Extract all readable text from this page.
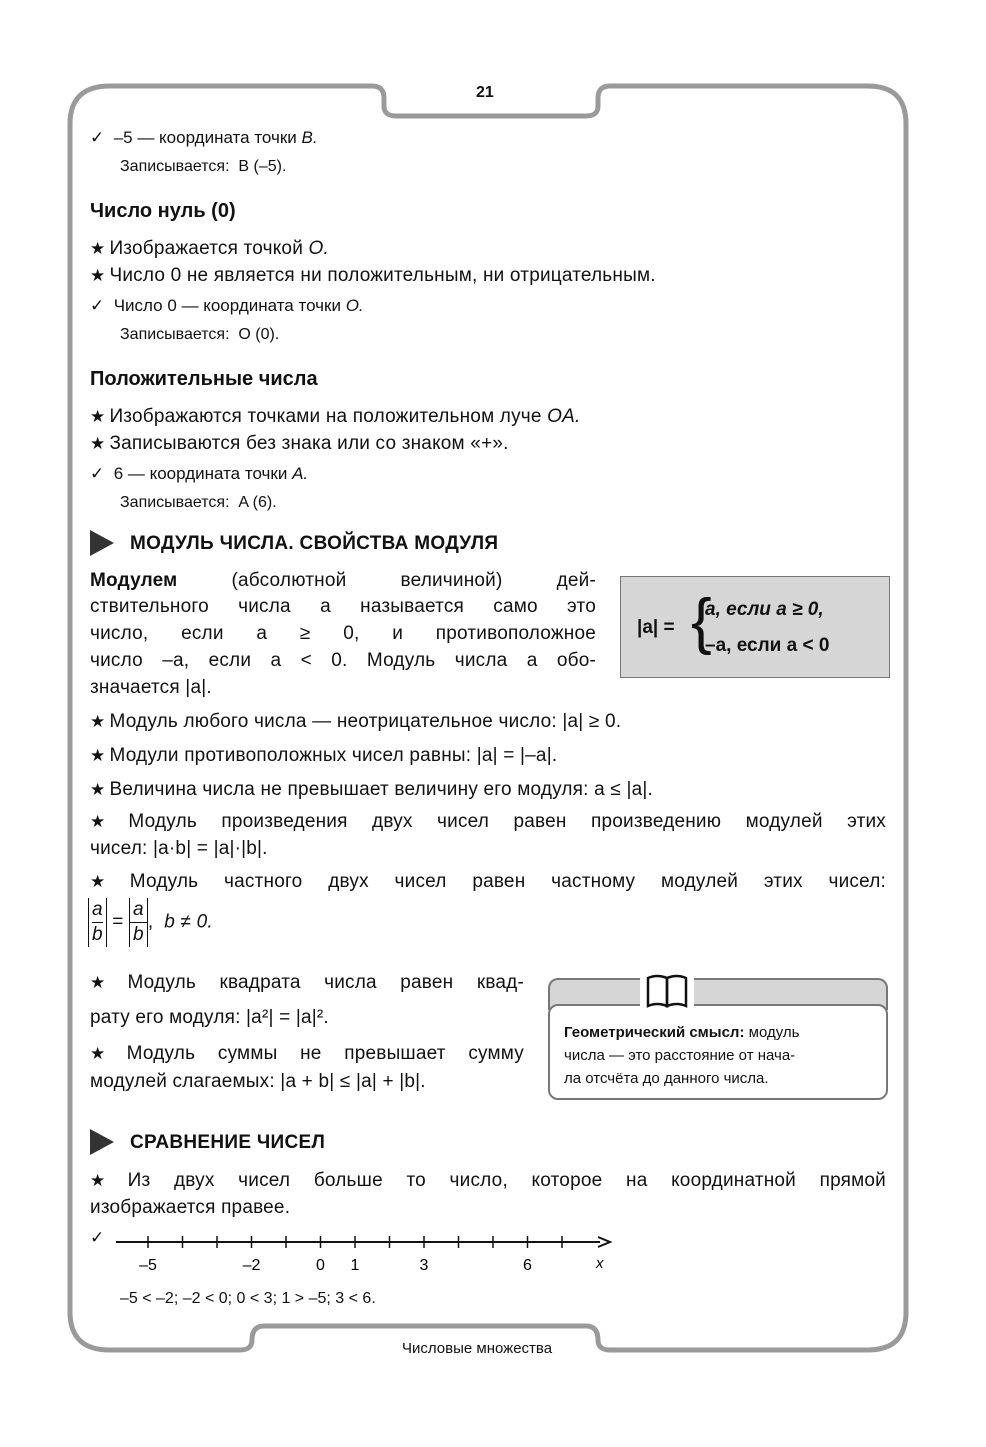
21
✓ –5 — координата точки B.
Записывается: B (–5).
Число нуль (0)
★ Изображается точкой O.
★ Число 0 не является ни положительным, ни отрицательным.
✓ Число 0 — координата точки O.
Записывается: O (0).
Положительные числа
★ Изображаются точками на положительном луче OA.
★ Записываются без знака или со знаком «+».
✓ 6 — координата точки A.
Записывается: A (6).
МОДУЛЬ ЧИСЛА. СВОЙСТВА МОДУЛЯ
Модулем	(абсолютной величиной) дей-
ствительного числа a называется само это
число, если a ≥ 0, и противоположное
число –a, если a < 0. Модуль числа a обо-
значается |a|.
|a| = {
a, если a ≥ 0,
–a, если a < 0
★ Модуль любого числа — неотрицательное число: |a| ≥ 0.
★ Модули противоположных чисел равны: |a| = |–a|.
★ Величина числа не превышает величину его модуля: a ≤ |a|.
★ Модуль произведения двух чисел равен произведению модулей этих
чисел: |a·b| = |a|·|b|.
★ Модуль частного двух чисел равен частному модулей этих чисел:
$\frac{a}{b} = \frac{a}{b}$ ,  b ≠ 0.
★ Модуль квадрата числа равен квад-
рату его модуля: |a²| = |a|².
★ Модуль суммы не превышает сумму
модулей слагаемых: |a + b| ≤ |a| + |b|.
Геометрический смысл: модуль
числа — это расстояние от нача-
ла отсчёта до данного числа.
СРАВНЕНИЕ ЧИСЕЛ
★ Из двух чисел больше то число, которое на координатной прямой
изображается правее.
✓
–5	–2	0 1	3	6	x
–5 < –2; –2 < 0; 0 < 3; 1 > –5; 3 < 6.
Числовые множества
